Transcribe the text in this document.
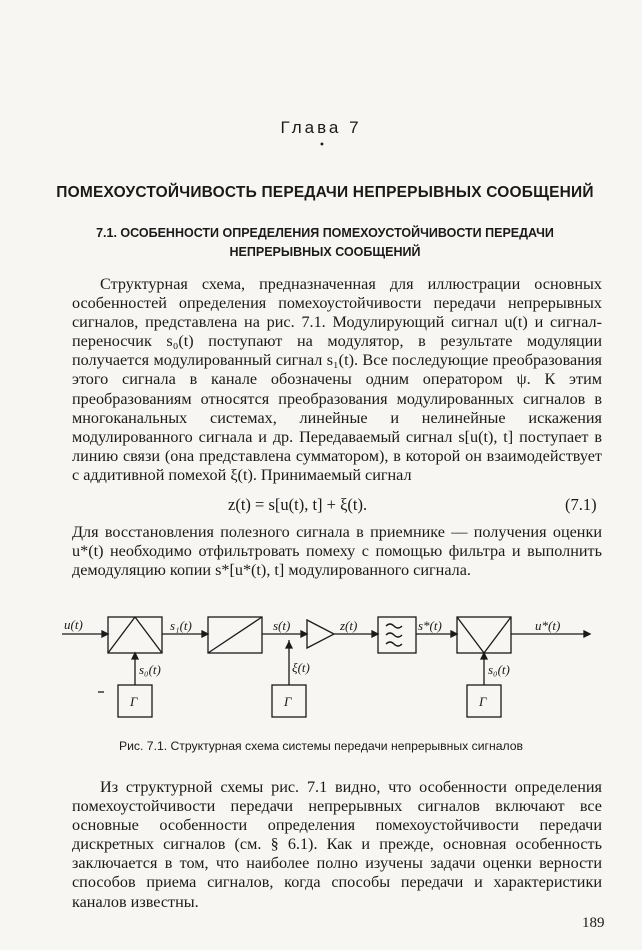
Глава 7
•
ПОМЕХОУСТОЙЧИВОСТЬ ПЕРЕДАЧИ НЕПРЕРЫВНЫХ СООБЩЕНИЙ
7.1. ОСОБЕННОСТИ ОПРЕДЕЛЕНИЯ ПОМЕХОУСТОЙЧИВОСТИ ПЕРЕДАЧИ НЕПРЕРЫВНЫХ СООБЩЕНИЙ
Структурная схема, предназначенная для иллюстрации основных особенностей определения помехоустойчивости передачи непрерывных сигналов, представлена на рис. 7.1. Модулирующий сигнал u(t) и сигнал-переносчик s₀(t) поступают на модулятор, в результате модуляции получается модулированный сигнал s₁(t). Все последующие преобразования этого сигнала в канале обозначены одним оператором ψ. К этим преобразованиям относятся преобразования модулированных сигналов в многоканальных системах, линейные и нелинейные искажения модулированного сигнала и др. Передаваемый сигнал s[u(t), t] поступает в линию связи (она представлена сумматором), в которой он взаимодействует с аддитивной помехой ξ(t). Принимаемый сигнал
z(t) = s[u(t), t] + ξ(t).	(7.1)
Для восстановления полезного сигнала в приемнике — получения оценки u*(t) необходимо отфильтровать помеху с помощью фильтра и выполнить демодуляцию копии s*[u*(t), t] модулированного сигнала.
u(t)	s₁(t)	s(t)	z(t)	s*(t)	u*(t)
s₀(t)	ξ(t)	s₀(t)
Г	Г	Г
Рис. 7.1. Структурная схема системы передачи непрерывных сигналов
Из структурной схемы рис. 7.1 видно, что особенности определения помехоустойчивости передачи непрерывных сигналов включают все основные особенности определения помехоустойчивости передачи дискретных сигналов (см. § 6.1). Как и прежде, основная особенность заключается в том, что наиболее полно изучены задачи оценки верности способов приема сигналов, когда способы передачи и характеристики каналов известны.
189
